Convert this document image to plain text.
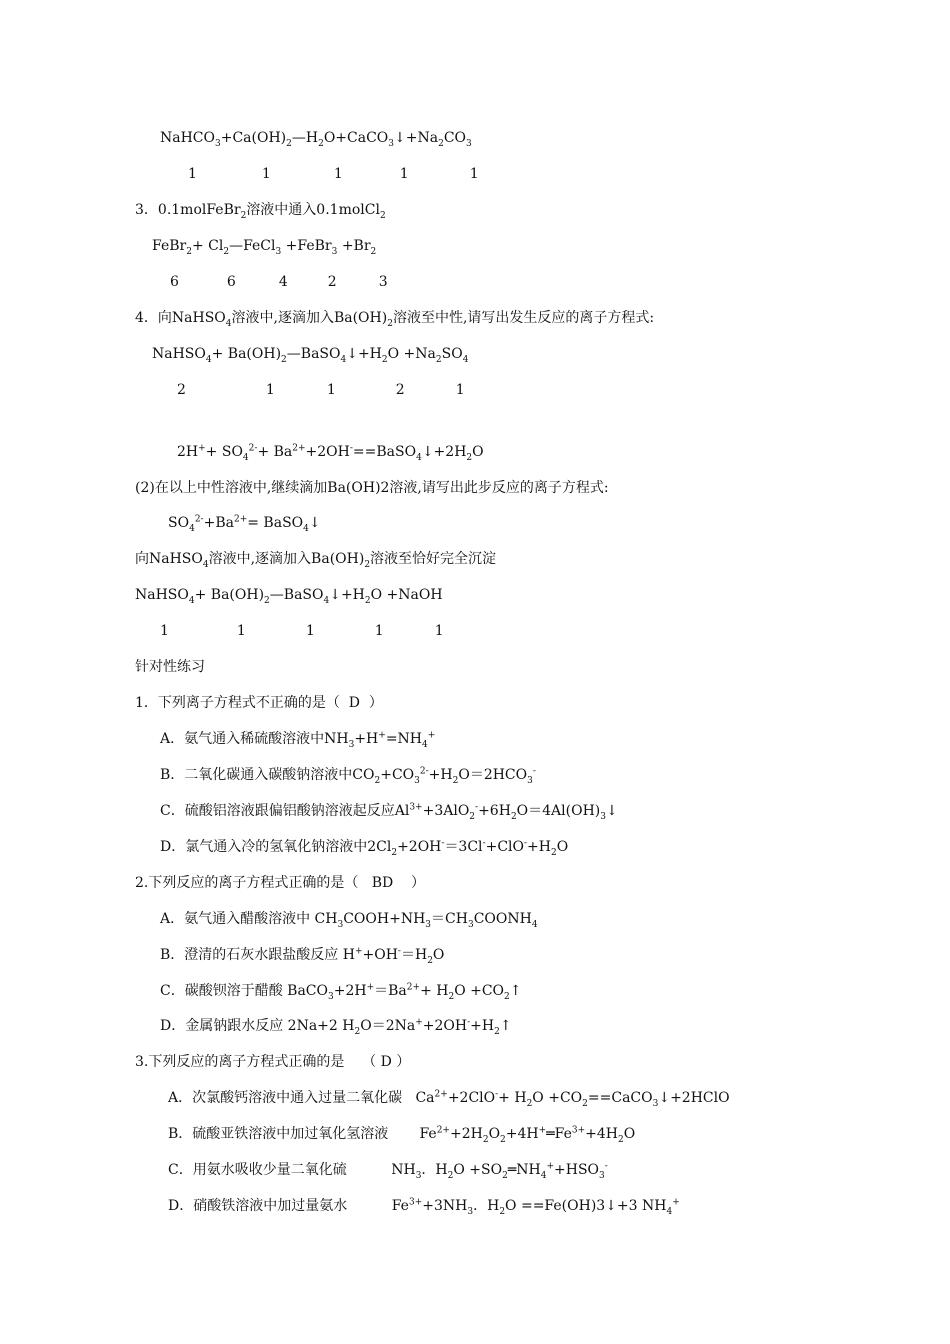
$NaHCO_3+Ca(OH)_2—H_2O+CaCO_3↓+Na_2CO_3$
1	1	1	1	1
3．0.1molFeBr$_2$溶液中通入0.1molCl$_2$
FeBr$_2$+ $Cl_2—FeCl_3$ +FeBr$_3$ $+Br_2$
6	6	4	2	3
4．向NaHSO$_4$溶液中,逐滴加入$Ba(OH)_2$溶液至中性,请写出发生反应的离子方程式:
NaHSO$_4$+ $Ba(OH)_2—BaSO_4↓+H_2O +Na_2SO_4$
2	1	1	2	1
$2H^++ SO_4^{2-}+$ $Ba^{2+}+2OH^-==BaSO_4↓+2H_2O$
(2)在以上中性溶液中,继续滴加Ba(OH)2溶液,请写出此步反应的离子方程式:
$SO_4^{2-}+Ba^{2+}=$ BaSO$_4$↓
向NaHSO$_4$溶液中,逐滴加入$Ba(OH)_2$溶液至恰好完全沉淀
NaHSO$_4$+ $Ba(OH)_2—BaSO_4↓+H_2O$ +NaOH
1	1	1	1	1
针对性练习
1．下列离子方程式不正确的是（  D  ）
A．氨气通入稀硫酸溶液中$NH_3+H^+=NH_4^+$
B．二氧化碳通入碳酸钠溶液中$CO_2+CO_3^{2-}+H_2O=2HCO_3^-$
C．硫酸铝溶液跟偏铝酸钠溶液起反应$Al^{3+}+3AlO_2^-+6H_2O=4Al(OH)_3↓$
D．氯气通入冷的氢氧化钠溶液中$2Cl_2+2OH^-=3Cl^-+ClO^-+H_2O$
2.下列反应的离子方程式正确的是（   BD    ）
A．氨气通入醋酸溶液中 $CH_3COOH+NH_3=CH_3COONH_4$
B．澄清的石灰水跟盐酸反应 $H^++OH^-=H_2O$
C．碳酸钡溶于醋酸 $BaCO_3+2H^+=Ba^{2+}+ H_2O$ $+CO_2↑$
D．金属钠跟水反应 2Na+2 $H_2O=2Na^++2OH^-+H_2↑$
3.下列反应的离子方程式正确的是    （ D ）
A．次氯酸钙溶液中通入过量二氧化碳   $Ca^{2+}+2ClO^-+ H_2O$ $+CO_2==CaCO_3↓+2HClO$
B．硫酸亚铁溶液中加过氧化氢溶液       $Fe^{2+}+2H_2O_2+4H^+═Fe^{3+}+4H_2O$
C．用氨水吸收少量二氧化硫          $NH_3$．$H_2O$ $+SO_2═NH_4^++HSO_3^-$
D．硝酸铁溶液中加过量氨水          $Fe^{3+}+3NH_3$．$H_2O$ ==Fe(OH)3↓+3 $NH_4^+$
